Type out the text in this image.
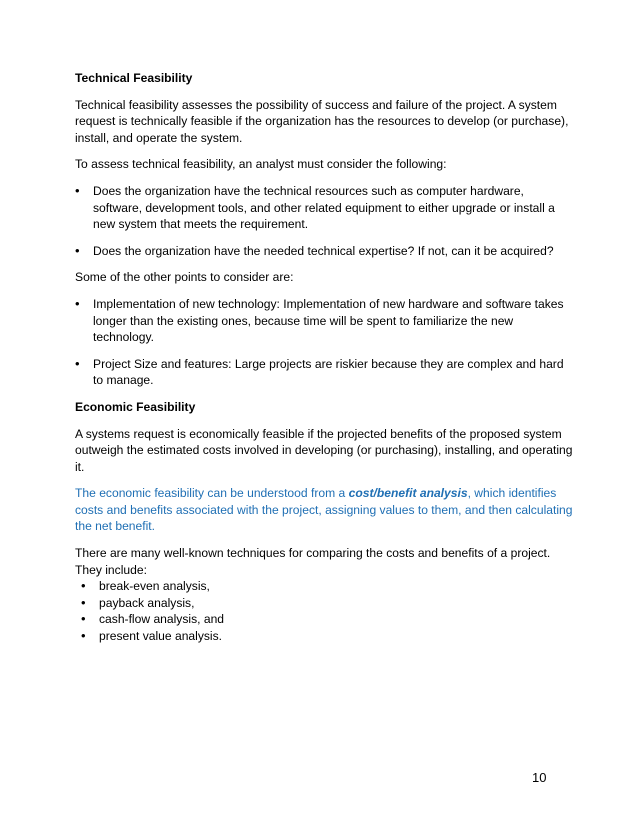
Technical Feasibility
Technical feasibility assesses the possibility of success and failure of the project. A system request is technically feasible if the organization has the resources to develop (or purchase), install, and operate the system.
To assess technical feasibility, an analyst must consider the following:
• Does the organization have the technical resources such as computer hardware, software, development tools, and other related equipment to either upgrade or install a new system that meets the requirement.
• Does the organization have the needed technical expertise? If not, can it be acquired?
Some of the other points to consider are:
• Implementation of new technology: Implementation of new hardware and software takes longer than the existing ones, because time will be spent to familiarize the new technology.
• Project Size and features: Large projects are riskier because they are complex and hard to manage.
Economic Feasibility
A systems request is economically feasible if the projected benefits of the proposed system outweigh the estimated costs involved in developing (or purchasing), installing, and operating it.
The economic feasibility can be understood from a cost/benefit analysis, which identifies costs and benefits associated with the project, assigning values to them, and then calculating the net benefit.
There are many well-known techniques for comparing the costs and benefits of a project. They include:
• break-even analysis,
• payback analysis,
• cash-flow analysis, and
• present value analysis.
10
